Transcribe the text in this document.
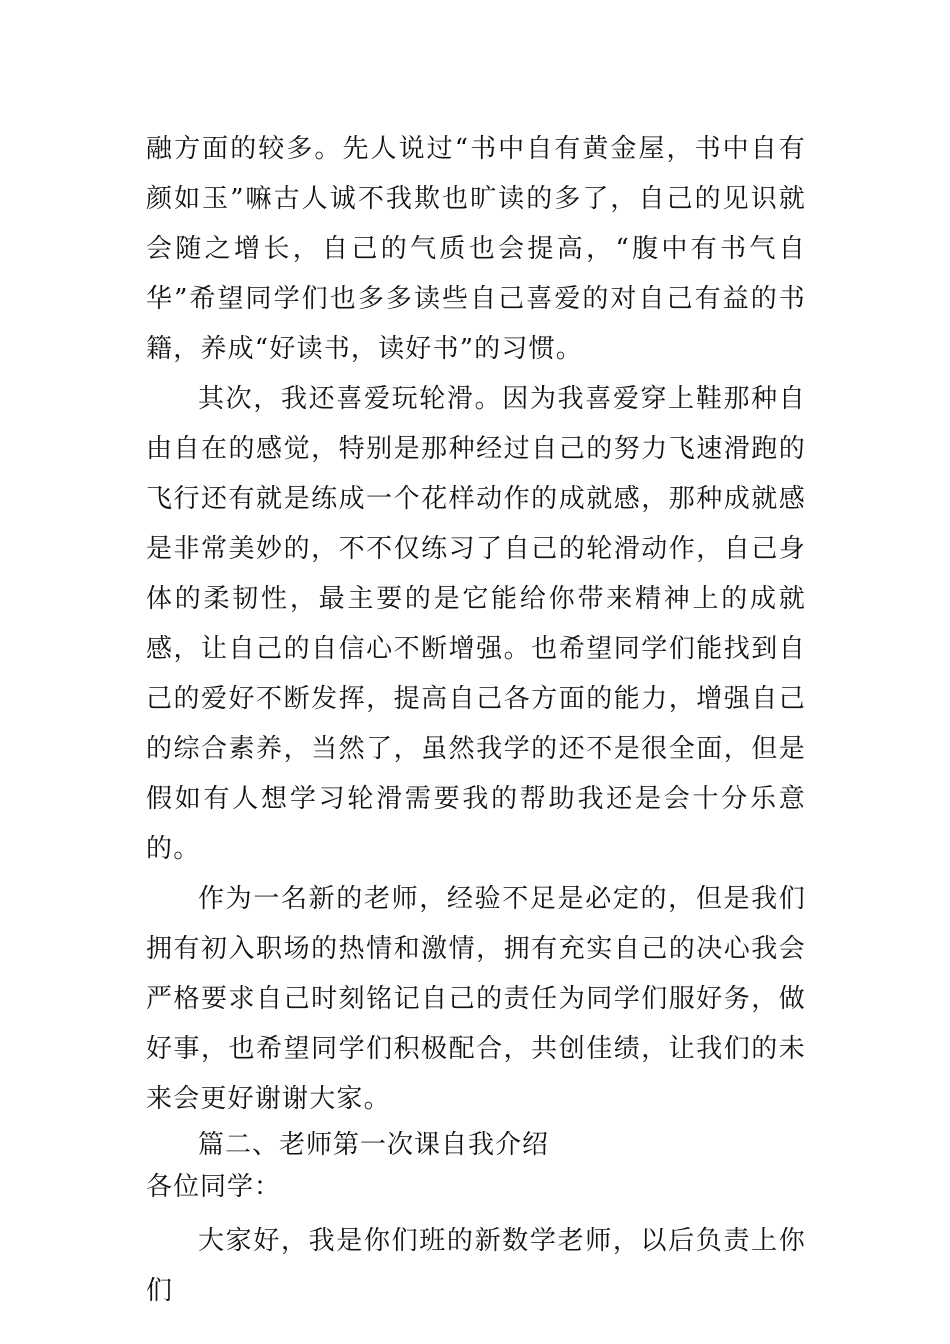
融方面的较多。先人说过“书中自有黄金屋，书中自有颜如玉”嘛古人诚不我欺也旷读的多了，自己的见识就会随之增长，自己的气质也会提高，“腹中有书气自华”希望同学们也多多读些自己喜爱的对自己有益的书籍，养成“好读书，读好书”的习惯。

其次，我还喜爱玩轮滑。因为我喜爱穿上鞋那种自由自在的感觉，特别是那种经过自己的努力飞速滑跑的飞行还有就是练成一个花样动作的成就感，那种成就感是非常美妙的，不不仅练习了自己的轮滑动作，自己身体的柔韧性，最主要的是它能给你带来精神上的成就感，让自己的自信心不断增强。也希望同学们能找到自己的爱好不断发挥，提高自己各方面的能力，增强自己的综合素养，当然了，虽然我学的还不是很全面，但是假如有人想学习轮滑需要我的帮助我还是会十分乐意的。

作为一名新的老师，经验不足是必定的，但是我们拥有初入职场的热情和激情，拥有充实自己的决心我会严格要求自己时刻铭记自己的责任为同学们服好务，做好事，也希望同学们积极配合，共创佳绩，让我们的未来会更好谢谢大家。

篇二、老师第一次课自我介绍

各位同学：

大家好，我是你们班的新数学老师，以后负责上你们
